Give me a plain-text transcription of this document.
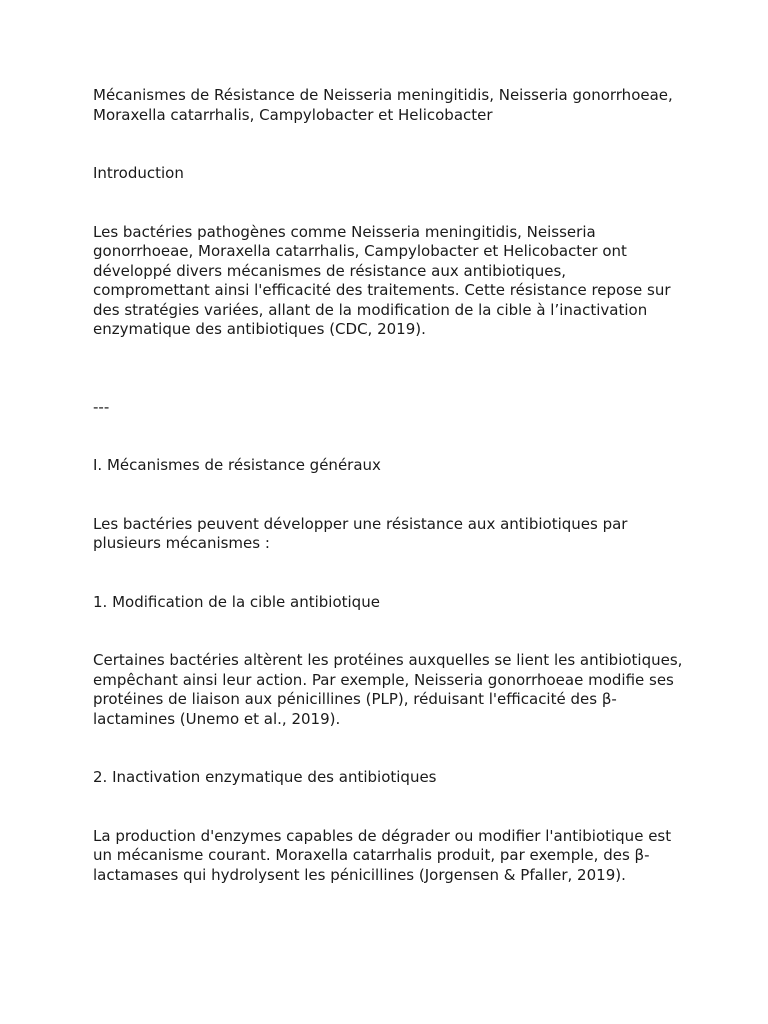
Mécanismes de Résistance de Neisseria meningitidis, Neisseria gonorrhoeae, Moraxella catarrhalis, Campylobacter et Helicobacter

Introduction

Les bactéries pathogènes comme Neisseria meningitidis, Neisseria gonorrhoeae, Moraxella catarrhalis, Campylobacter et Helicobacter ont développé divers mécanismes de résistance aux antibiotiques, compromettant ainsi l'efficacité des traitements. Cette résistance repose sur des stratégies variées, allant de la modification de la cible à l’inactivation enzymatique des antibiotiques (CDC, 2019).

---

I. Mécanismes de résistance généraux

Les bactéries peuvent développer une résistance aux antibiotiques par plusieurs mécanismes :

1. Modification de la cible antibiotique

Certaines bactéries altèrent les protéines auxquelles se lient les antibiotiques, empêchant ainsi leur action. Par exemple, Neisseria gonorrhoeae modifie ses protéines de liaison aux pénicillines (PLP), réduisant l'efficacité des β-lactamines (Unemo et al., 2019).

2. Inactivation enzymatique des antibiotiques

La production d'enzymes capables de dégrader ou modifier l'antibiotique est un mécanisme courant. Moraxella catarrhalis produit, par exemple, des β-lactamases qui hydrolysent les pénicillines (Jorgensen & Pfaller, 2019).
